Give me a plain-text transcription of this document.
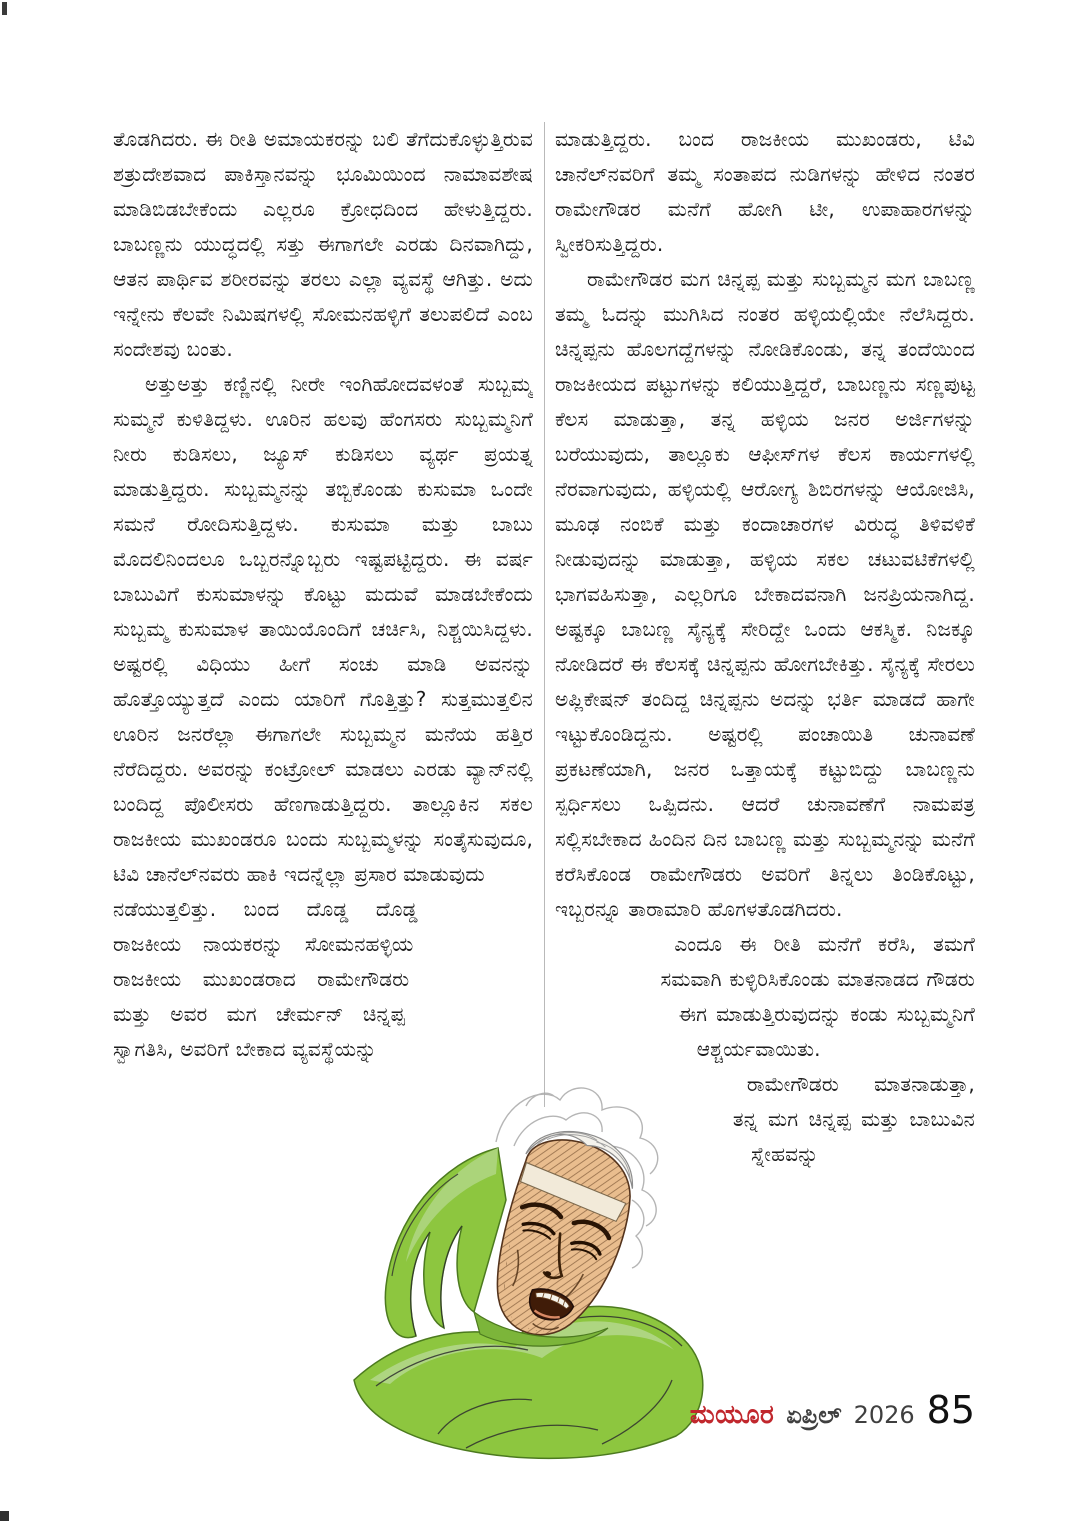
ತೊಡಗಿದರು. ಈ ರೀತಿ ಅಮಾಯಕರನ್ನು ಬಲಿ ತೆಗೆದುಕೊಳ್ಳುತ್ತಿರುವ ಶತ್ರುದೇಶವಾದ ಪಾಕಿಸ್ತಾನವನ್ನು ಭೂಮಿಯಿಂದ ನಾಮಾವಶೇಷ ಮಾಡಿಬಿಡಬೇಕೆಂದು ಎಲ್ಲರೂ ಕ್ರೋಧದಿಂದ ಹೇಳುತ್ತಿದ್ದರು. ಬಾಬಣ್ಣನು ಯುದ್ಧದಲ್ಲಿ ಸತ್ತು ಈಗಾಗಲೇ ಎರಡು ದಿನವಾಗಿದ್ದು, ಆತನ ಪಾರ್ಥಿವ ಶರೀರವನ್ನು ತರಲು ಎಲ್ಲಾ ವ್ಯವಸ್ಥೆ ಆಗಿತ್ತು. ಅದು ಇನ್ನೇನು ಕೆಲವೇ ನಿಮಿಷಗಳಲ್ಲಿ ಸೋಮನಹಳ್ಳಿಗೆ ತಲುಪಲಿದೆ ಎಂಬ ಸಂದೇಶವು ಬಂತು.

ಅತ್ತುಅತ್ತು ಕಣ್ಣಿನಲ್ಲಿ ನೀರೇ ಇಂಗಿಹೋದವಳಂತೆ ಸುಬ್ಬಮ್ಮ ಸುಮ್ಮನೆ ಕುಳಿತಿದ್ದಳು. ಊರಿನ ಹಲವು ಹೆಂಗಸರು ಸುಬ್ಬಮ್ಮನಿಗೆ ನೀರು ಕುಡಿಸಲು, ಜ್ಯೂಸ್ ಕುಡಿಸಲು ವ್ಯರ್ಥ ಪ್ರಯತ್ನ ಮಾಡುತ್ತಿದ್ದರು. ಸುಬ್ಬಮ್ಮನನ್ನು ತಬ್ಬಿಕೊಂಡು ಕುಸುಮಾ ಒಂದೇ ಸಮನೆ ರೋದಿಸುತ್ತಿದ್ದಳು. ಕುಸುಮಾ ಮತ್ತು ಬಾಬು ಮೊದಲಿನಿಂದಲೂ ಒಬ್ಬರನ್ನೊಬ್ಬರು ಇಷ್ಟಪಟ್ಟಿದ್ದರು. ಈ ವರ್ಷ ಬಾಬುವಿಗೆ ಕುಸುಮಾಳನ್ನು ಕೊಟ್ಟು ಮದುವೆ ಮಾಡಬೇಕೆಂದು ಸುಬ್ಬಮ್ಮ ಕುಸುಮಾಳ ತಾಯಿಯೊಂದಿಗೆ ಚರ್ಚಿಸಿ, ನಿಶ್ಚಯಿಸಿದ್ದಳು. ಅಷ್ಟರಲ್ಲಿ ವಿಧಿಯು ಹೀಗೆ ಸಂಚು ಮಾಡಿ ಅವನನ್ನು ಹೊತ್ತೊಯ್ಯುತ್ತದೆ ಎಂದು ಯಾರಿಗೆ ಗೊತ್ತಿತ್ತು? ಸುತ್ತಮುತ್ತಲಿನ ಊರಿನ ಜನರೆಲ್ಲಾ ಈಗಾಗಲೇ ಸುಬ್ಬಮ್ಮನ ಮನೆಯ ಹತ್ತಿರ ನೆರೆದಿದ್ದರು. ಅವರನ್ನು ಕಂಟ್ರೋಲ್ ಮಾಡಲು ಎರಡು ವ್ಯಾನ್‌ನಲ್ಲಿ ಬಂದಿದ್ದ ಪೊಲೀಸರು ಹೆಣಗಾಡುತ್ತಿದ್ದರು. ತಾಲ್ಲೂಕಿನ ಸಕಲ ರಾಜಕೀಯ ಮುಖಂಡರೂ ಬಂದು ಸುಬ್ಬಮ್ಮಳನ್ನು ಸಂತೈಸುವುದೂ, ಟಿವಿ ಚಾನೆಲ್‌ನವರು ಹಾಕಿ ಇದನ್ನೆಲ್ಲಾ ಪ್ರಸಾರ ಮಾಡುವುದು

ನಡೆಯುತ್ತಲಿತ್ತು. ಬಂದ ದೊಡ್ಡ ದೊಡ್ಡ ರಾಜಕೀಯ ನಾಯಕರನ್ನು ಸೋಮನಹಳ್ಳಿಯ ರಾಜಕೀಯ ಮುಖಂಡರಾದ ರಾಮೇಗೌಡರು ಮತ್ತು ಅವರ ಮಗ ಚೇರ್ಮನ್ ಚಿನ್ನಪ್ಪ ಸ್ವಾಗತಿಸಿ, ಅವರಿಗೆ ಬೇಕಾದ ವ್ಯವಸ್ಥೆಯನ್ನು

ಮಾಡುತ್ತಿದ್ದರು. ಬಂದ ರಾಜಕೀಯ ಮುಖಂಡರು, ಟಿವಿ ಚಾನೆಲ್‌ನವರಿಗೆ ತಮ್ಮ ಸಂತಾಪದ ನುಡಿಗಳನ್ನು ಹೇಳಿದ ನಂತರ ರಾಮೇಗೌಡರ ಮನೆಗೆ ಹೋಗಿ ಟೀ, ಉಪಾಹಾರಗಳನ್ನು ಸ್ವೀಕರಿಸುತ್ತಿದ್ದರು.

ರಾಮೇಗೌಡರ ಮಗ ಚಿನ್ನಪ್ಪ ಮತ್ತು ಸುಬ್ಬಮ್ಮನ ಮಗ ಬಾಬಣ್ಣ ತಮ್ಮ ಓದನ್ನು ಮುಗಿಸಿದ ನಂತರ ಹಳ್ಳಿಯಲ್ಲಿಯೇ ನೆಲೆಸಿದ್ದರು. ಚಿನ್ನಪ್ಪನು ಹೊಲಗದ್ದೆಗಳನ್ನು ನೋಡಿಕೊಂಡು, ತನ್ನ ತಂದೆಯಿಂದ ರಾಜಕೀಯದ ಪಟ್ಟುಗಳನ್ನು ಕಲಿಯುತ್ತಿದ್ದರೆ, ಬಾಬಣ್ಣನು ಸಣ್ಣಪುಟ್ಟ ಕೆಲಸ ಮಾಡುತ್ತಾ, ತನ್ನ ಹಳ್ಳಿಯ ಜನರ ಅರ್ಜಿಗಳನ್ನು ಬರೆಯುವುದು, ತಾಲ್ಲೂಕು ಆಫೀಸ್‌ಗಳ ಕೆಲಸ ಕಾರ್ಯಗಳಲ್ಲಿ ನೆರವಾಗುವುದು, ಹಳ್ಳಿಯಲ್ಲಿ ಆರೋಗ್ಯ ಶಿಬಿರಗಳನ್ನು ಆಯೋಜಿಸಿ, ಮೂಢ ನಂಬಿಕೆ ಮತ್ತು ಕಂದಾಚಾರಗಳ ವಿರುದ್ಧ ತಿಳಿವಳಿಕೆ ನೀಡುವುದನ್ನು ಮಾಡುತ್ತಾ, ಹಳ್ಳಿಯ ಸಕಲ ಚಟುವಟಿಕೆಗಳಲ್ಲಿ ಭಾಗವಹಿಸುತ್ತಾ, ಎಲ್ಲರಿಗೂ ಬೇಕಾದವನಾಗಿ ಜನಪ್ರಿಯನಾಗಿದ್ದ. ಅಷ್ಟಕ್ಕೂ ಬಾಬಣ್ಣ ಸೈನ್ಯಕ್ಕೆ ಸೇರಿದ್ದೇ ಒಂದು ಆಕಸ್ಮಿಕ. ನಿಜಕ್ಕೂ ನೋಡಿದರೆ ಈ ಕೆಲಸಕ್ಕೆ ಚಿನ್ನಪ್ಪನು ಹೋಗಬೇಕಿತ್ತು. ಸೈನ್ಯಕ್ಕೆ ಸೇರಲು ಅಪ್ಲಿಕೇಷನ್ ತಂದಿದ್ದ ಚಿನ್ನಪ್ಪನು ಅದನ್ನು ಭರ್ತಿ ಮಾಡದೆ ಹಾಗೇ ಇಟ್ಟುಕೊಂಡಿದ್ದನು. ಅಷ್ಟರಲ್ಲಿ ಪಂಚಾಯಿತಿ ಚುನಾವಣೆ ಪ್ರಕಟಣೆಯಾಗಿ, ಜನರ ಒತ್ತಾಯಕ್ಕೆ ಕಟ್ಟುಬಿದ್ದು ಬಾಬಣ್ಣನು ಸ್ಪರ್ಧಿಸಲು ಒಪ್ಪಿದನು. ಆದರೆ ಚುನಾವಣೆಗೆ ನಾಮಪತ್ರ ಸಲ್ಲಿಸಬೇಕಾದ ಹಿಂದಿನ ದಿನ ಬಾಬಣ್ಣ ಮತ್ತು ಸುಬ್ಬಮ್ಮನನ್ನು ಮನೆಗೆ ಕರೆಸಿಕೊಂಡ ರಾಮೇಗೌಡರು ಅವರಿಗೆ ತಿನ್ನಲು ತಿಂಡಿಕೊಟ್ಟು, ಇಬ್ಬರನ್ನೂ ತಾರಾಮಾರಿ ಹೊಗಳತೊಡಗಿದರು.

ಎಂದೂ ಈ ರೀತಿ ಮನೆಗೆ ಕರೆಸಿ, ತಮಗೆ ಸಮವಾಗಿ ಕುಳ್ಳಿರಿಸಿಕೊಂಡು ಮಾತನಾಡದ ಗೌಡರು ಈಗ ಮಾಡುತ್ತಿರುವುದನ್ನು ಕಂಡು ಸುಬ್ಬಮ್ಮನಿಗೆ ಆಶ್ಚರ್ಯವಾಯಿತು.

ರಾಮೇಗೌಡರು ಮಾತನಾಡುತ್ತಾ, ತನ್ನ ಮಗ ಚಿನ್ನಪ್ಪ ಮತ್ತು ಬಾಬುವಿನ ಸ್ನೇಹವನ್ನು

ಮಯೂರ ಏಪ್ರಿಲ್ 2026 85
